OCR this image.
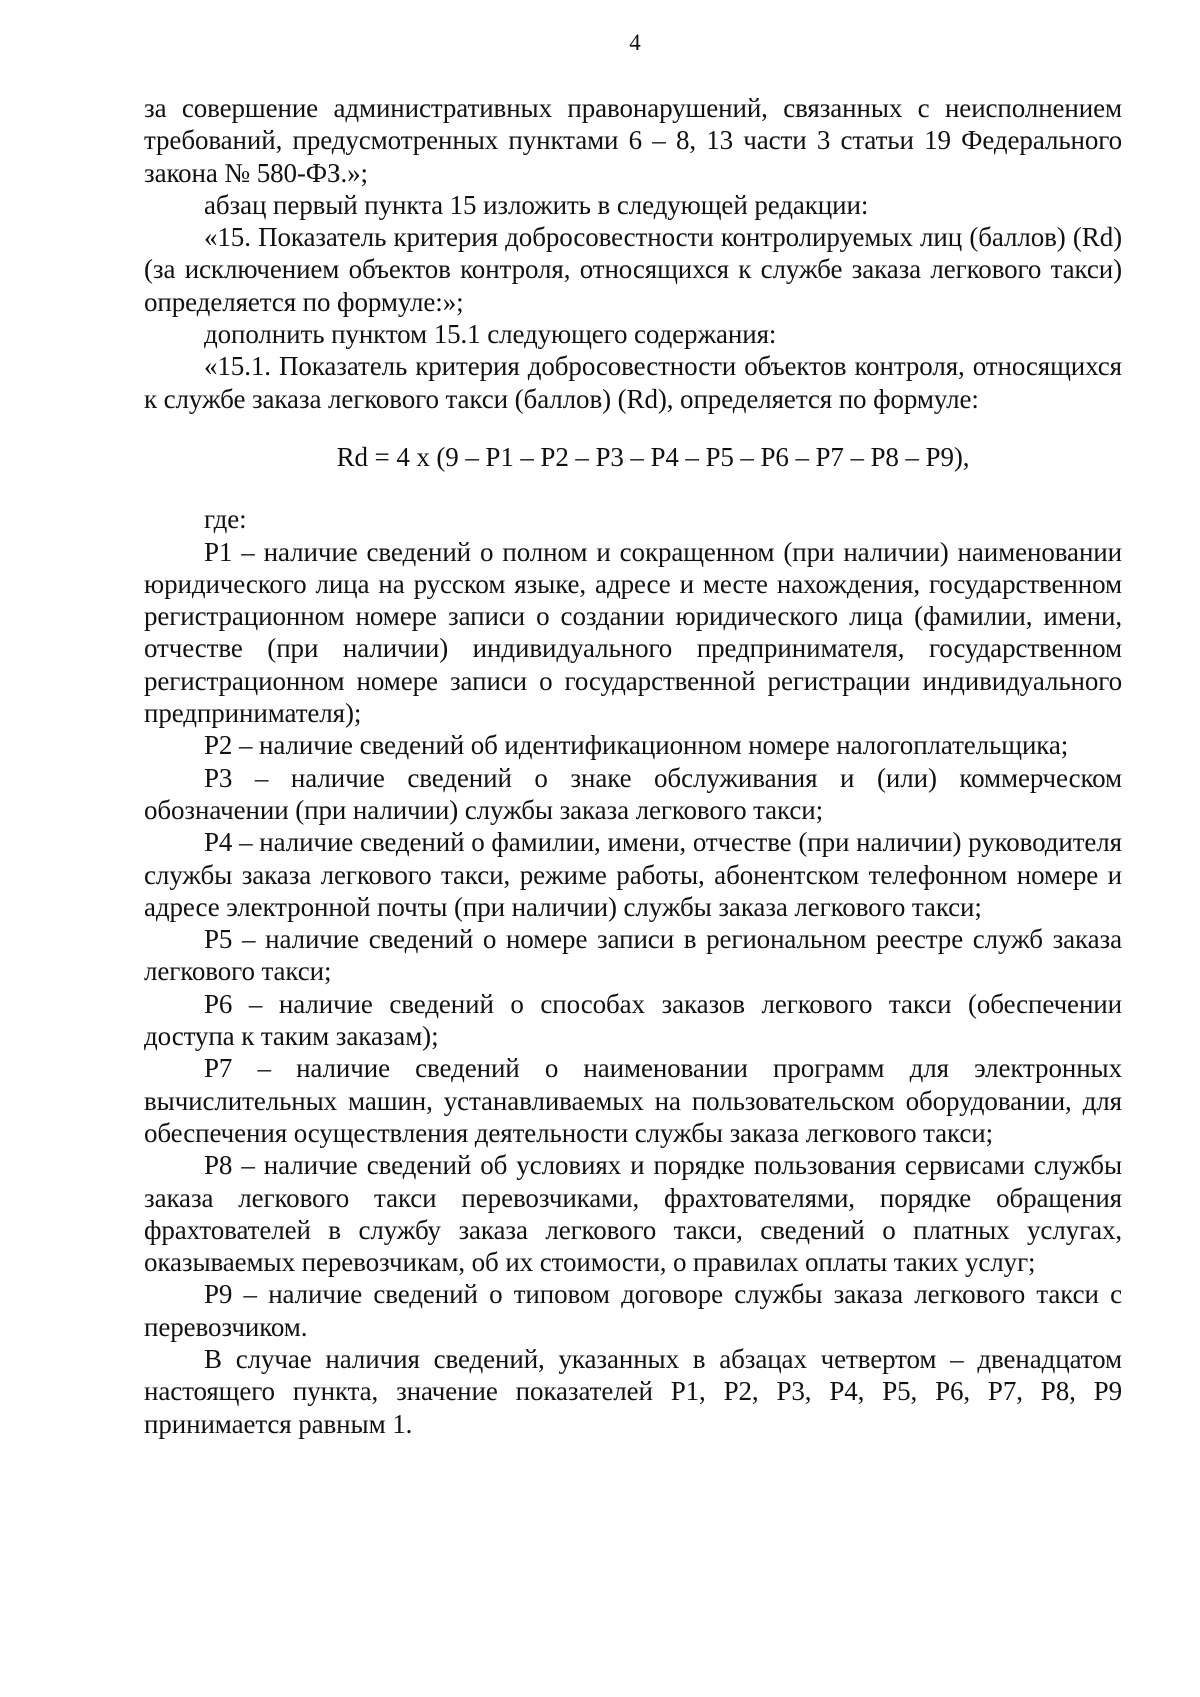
4

за совершение административных правонарушений, связанных с неисполнением требований, предусмотренных пунктами 6 – 8, 13 части 3 статьи 19 Федерального закона № 580-ФЗ.»;

абзац первый пункта 15 изложить в следующей редакции:

«15. Показатель критерия добросовестности контролируемых лиц (баллов) (Rd) (за исключением объектов контроля, относящихся к службе заказа легкового такси) определяется по формуле:»;

дополнить пунктом 15.1 следующего содержания:

«15.1. Показатель критерия добросовестности объектов контроля, относящихся к службе заказа легкового такси (баллов) (Rd), определяется по формуле:

Rd = 4 x (9 – P1 – P2 – P3 – P4 – P5 – P6 – P7 – P8 – P9),

где:

P1 – наличие сведений о полном и сокращенном (при наличии) наименовании юридического лица на русском языке, адресе и месте нахождения, государственном регистрационном номере записи о создании юридического лица (фамилии, имени, отчестве (при наличии) индивидуального предпринимателя, государственном регистрационном номере записи о государственной регистрации индивидуального предпринимателя);

P2 – наличие сведений об идентификационном номере налогоплательщика;

P3 – наличие сведений о знаке обслуживания и (или) коммерческом обозначении (при наличии) службы заказа легкового такси;

P4 – наличие сведений о фамилии, имени, отчестве (при наличии) руководителя службы заказа легкового такси, режиме работы, абонентском телефонном номере и адресе электронной почты (при наличии) службы заказа легкового такси;

P5 – наличие сведений о номере записи в региональном реестре служб заказа легкового такси;

P6 – наличие сведений о способах заказов легкового такси (обеспечении доступа к таким заказам);

P7 – наличие сведений о наименовании программ для электронных вычислительных машин, устанавливаемых на пользовательском оборудовании, для обеспечения осуществления деятельности службы заказа легкового такси;

P8 – наличие сведений об условиях и порядке пользования сервисами службы заказа легкового такси перевозчиками, фрахтователями, порядке обращения фрахтователей в службу заказа легкового такси, сведений о платных услугах, оказываемых перевозчикам, об их стоимости, о правилах оплаты таких услуг;

P9 – наличие сведений о типовом договоре службы заказа легкового такси с перевозчиком.

В случае наличия сведений, указанных в абзацах четвертом – двенадцатом настоящего пункта, значение показателей P1, P2, P3, P4, P5, P6, P7, P8, P9 принимается равным 1.
